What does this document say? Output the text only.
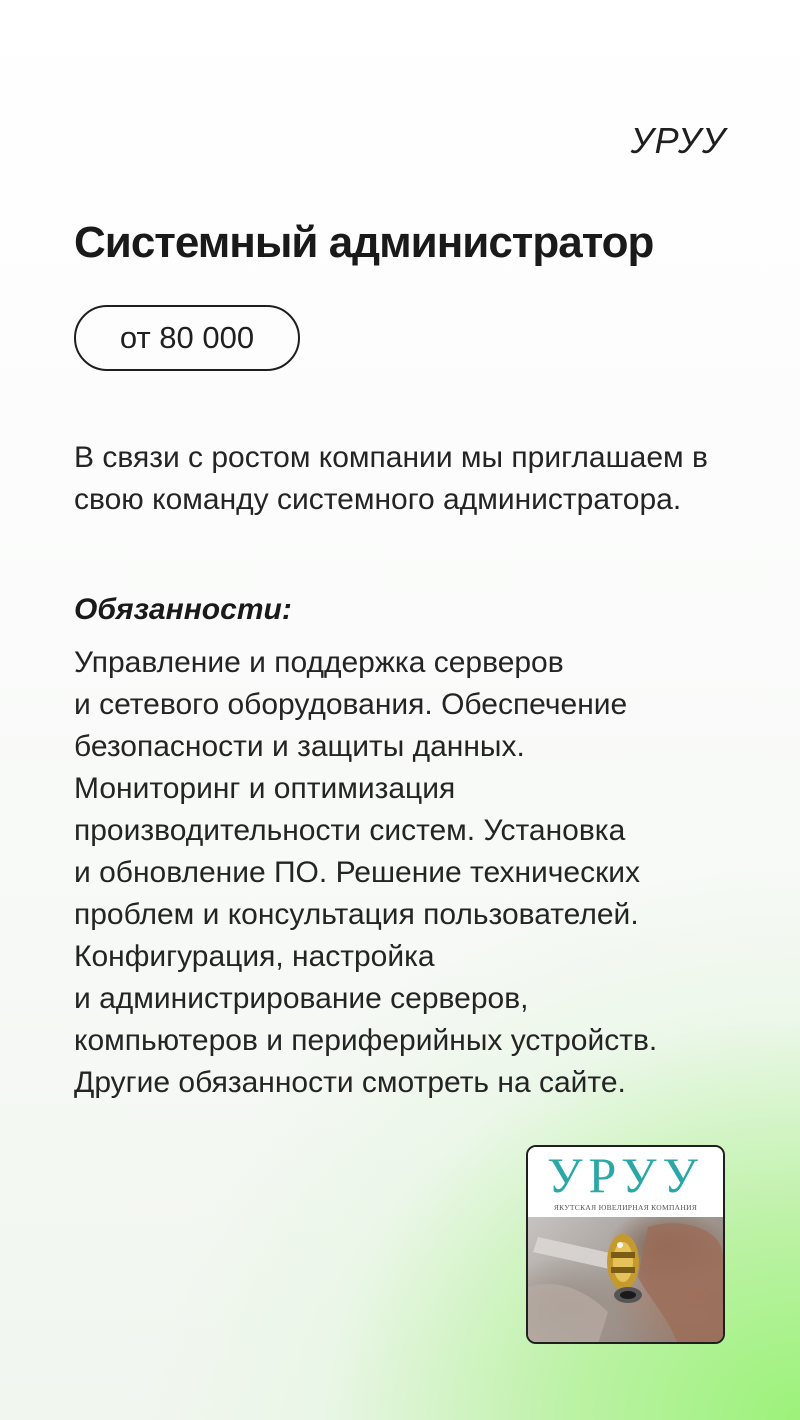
УРУУ
Системный администратор
от 80 000

В связи с ростом компании мы приглашаем в свою команду системного администратора.

Обязанности:

Управление и поддержка серверов
и сетевого оборудования. Обеспечение
безопасности и защиты данных.
Мониторинг и оптимизация
производительности систем. Установка
и обновление ПО. Решение технических
проблем и консультация пользователей.
Конфигурация, настройка
и администрирование серверов,
компьютеров и периферийных устройств.
Другие обязанности смотреть на сайте.

УРУУ
ЯКУТСКАЯ ЮВЕЛИРНАЯ КОМПАНИЯ
